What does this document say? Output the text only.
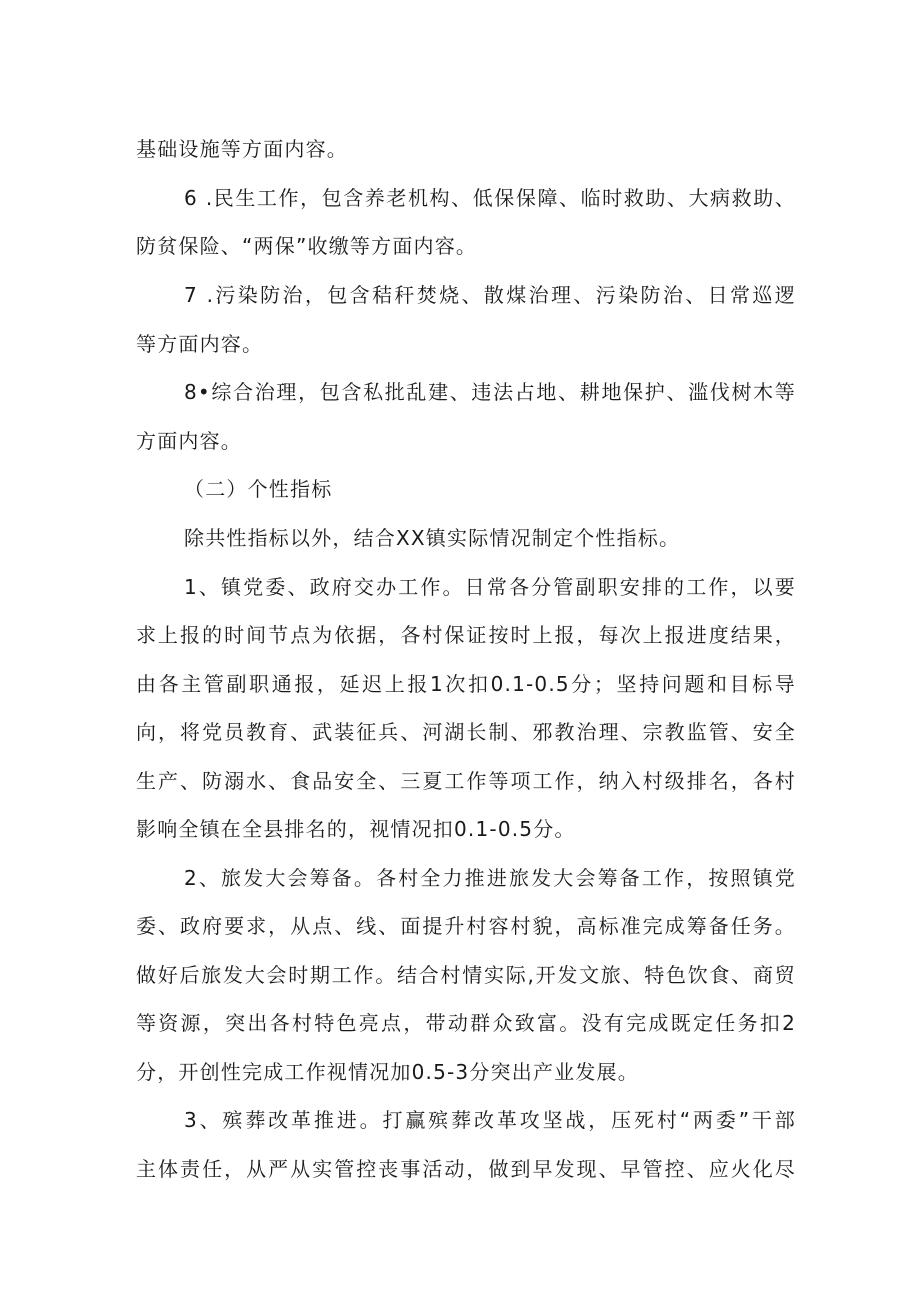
基础设施等方面内容。
6 .民生工作，包含养老机构、低保保障、临时救助、大病救助、
防贫保险、“两保”收缴等方面内容。
7 .污染防治，包含秸秆焚烧、散煤治理、污染防治、日常巡逻
等方面内容。
8•综合治理，包含私批乱建、违法占地、耕地保护、滥伐树木等
方面内容。
（二）个性指标
除共性指标以外，结合XX镇实际情况制定个性指标。
1、镇党委、政府交办工作。日常各分管副职安排的工作，以要
求上报的时间节点为依据，各村保证按时上报，每次上报进度结果，
由各主管副职通报，延迟上报1次扣0.1-0.5分；坚持问题和目标导
向，将党员教育、武装征兵、河湖长制、邪教治理、宗教监管、安全
生产、防溺水、食品安全、三夏工作等项工作，纳入村级排名，各村
影响全镇在全县排名的，视情况扣0.1-0.5分。
2、旅发大会筹备。各村全力推进旅发大会筹备工作，按照镇党
委、政府要求，从点、线、面提升村容村貌，高标准完成筹备任务。
做好后旅发大会时期工作。结合村情实际,开发文旅、特色饮食、商贸
等资源，突出各村特色亮点，带动群众致富。没有完成既定任务扣2
分，开创性完成工作视情况加0.5-3分突出产业发展。
3、殡葬改革推进。打赢殡葬改革攻坚战，压死村“两委”干部
主体责任，从严从实管控丧事活动，做到早发现、早管控、应火化尽
